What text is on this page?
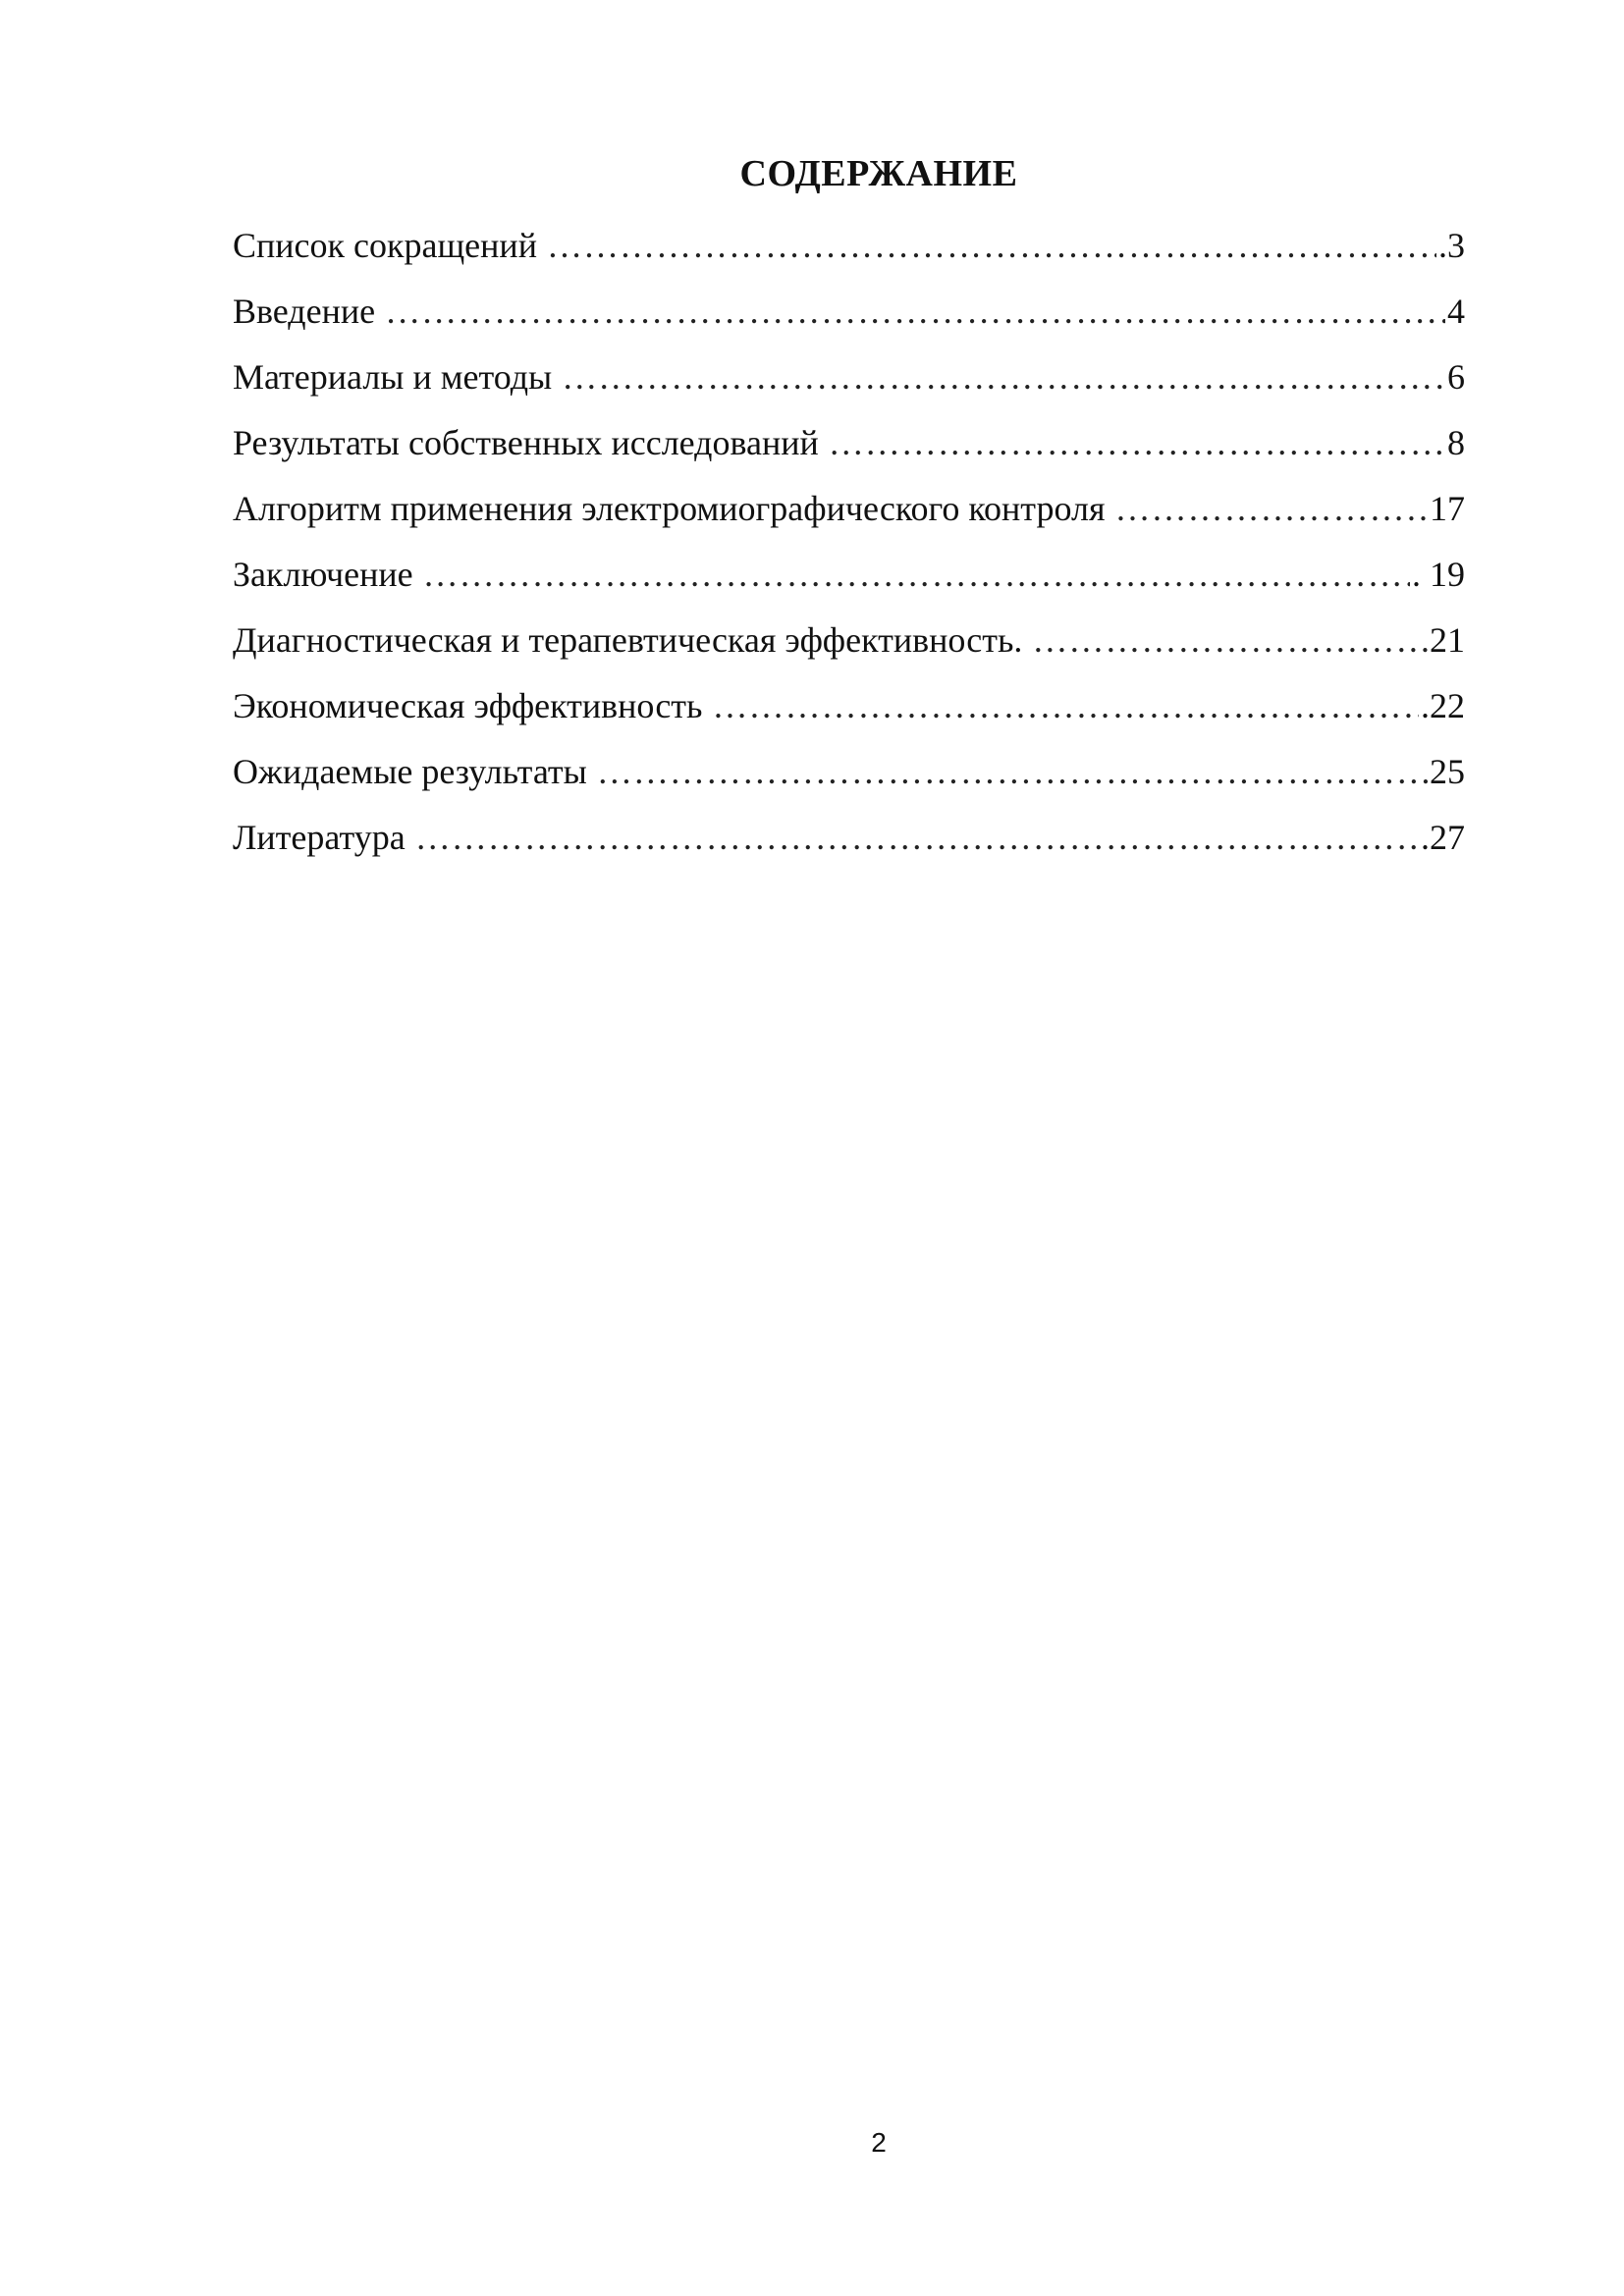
СОДЕРЖАНИЕ
Список сокращений ……………………………………………………………………………………………………………………………………………………	.3
Введение ……………………………………………………………………………………………………………………………………………………	4
Материалы и методы ……………………………………………………………………………………………………………………………………………………	6
Результаты собственных исследований ……………………………………………………………………………………………………………………………………………………	8
Алгоритм применения электромиографического контроля ……………………………………………………………………………………………………………………………………………………	17
Заключение ……………………………………………………………………………………………………………………………………………………	. 19
Диагностическая и терапевтическая эффективность. ……………………………………………………………………………………………………………………………………………………	21
Экономическая эффективность ……………………………………………………………………………………………………………………………………………………	.22
Ожидаемые результаты ……………………………………………………………………………………………………………………………………………………	25
Литература ……………………………………………………………………………………………………………………………………………………	.27
2
